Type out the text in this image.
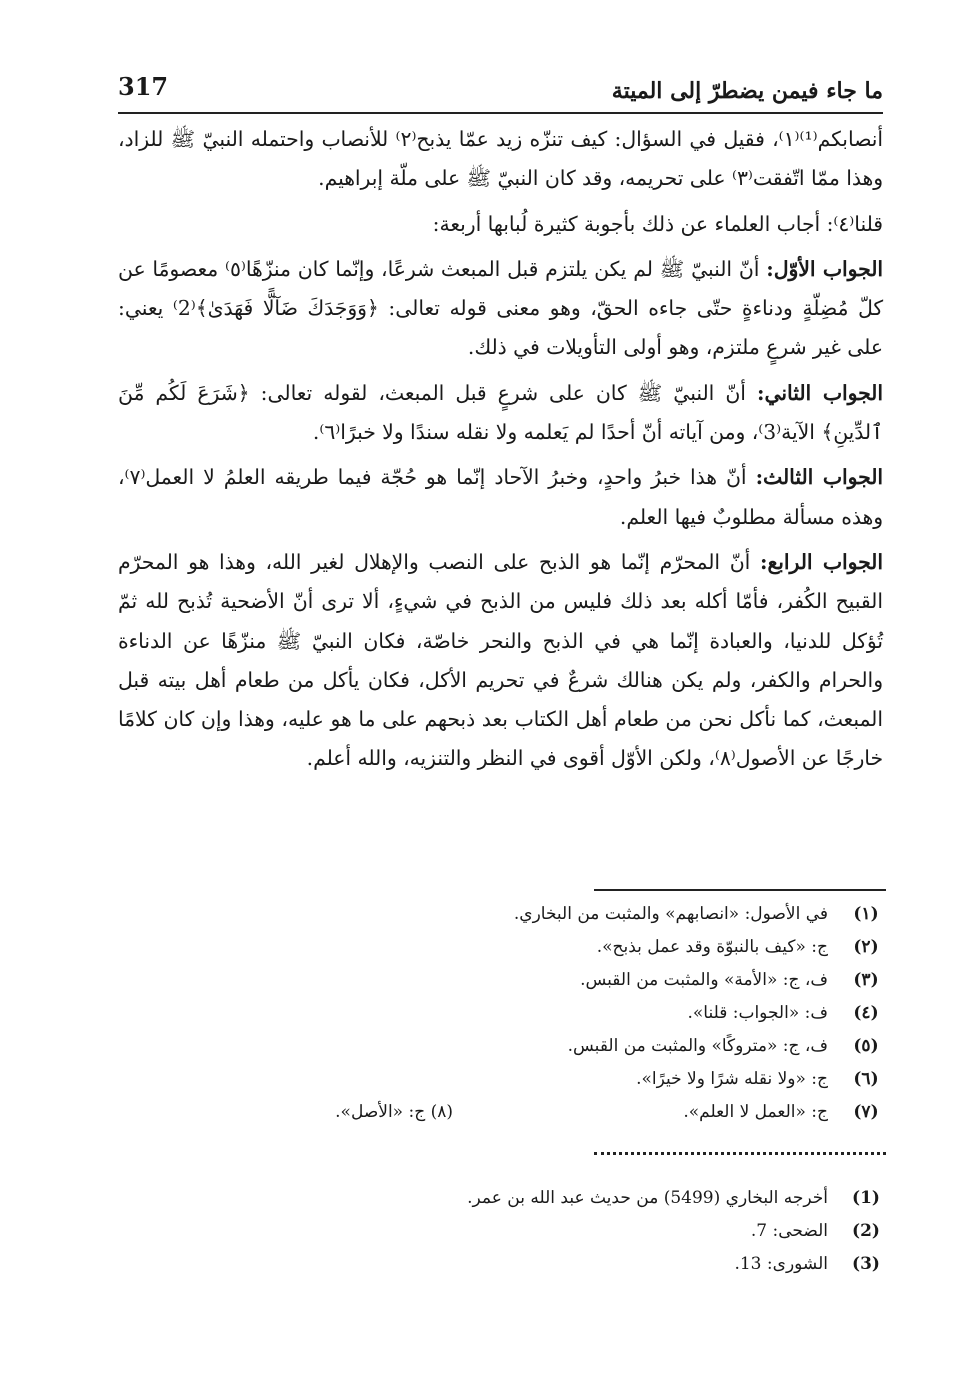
317	ما جاء فيمن يضطرّ إلى الميتة

أنصابكم⁽¹⁾⁽١⁾، فقيل في السؤال: كيف تنزّه زيد عمّا يذبح⁽٢⁾ للأنصاب واحتمله النبيّ ﷺ للزاد، وهذا ممّا اتّفقت⁽٣⁾ على تحريمه، وقد كان النبيّ ﷺ على ملّة إبراهيم.

قلنا⁽٤⁾: أجاب العلماء عن ذلك بأجوبة كثيرة لُبابها أربعة:

الجواب الأوّل: أنّ النبيّ ﷺ لم يكن يلتزم قبل المبعث شرعًا، وإنّما كان منزّهًا⁽٥⁾ معصومًا عن كلّ مُضِلّةٍ ودناءةٍ حتّى جاءه الحقّ، وهو معنى قوله تعالى: ﴿وَوَجَدَكَ ضَآلًّا فَهَدَىٰ﴾⁽2⁾ يعني: على غير شرعٍ ملتزم، وهو أولى التأويلات في ذلك.

الجواب الثاني: أنّ النبيّ ﷺ كان على شرعٍ قبل المبعث، لقوله تعالى: ﴿شَرَعَ لَكُم مِّنَ ٱلدِّينِ﴾ الآية⁽3⁾، ومن آياته أنّ أحدًا لم يَعلمه ولا نقله سندًا ولا خبرًا⁽٦⁾.

الجواب الثالث: أنّ هذا خبرُ واحدٍ، وخبرُ الآحاد إنّما هو حُجّة فيما طريقه العلمُ لا العمل⁽٧⁾، وهذه مسألة مطلوبٌ فيها العلم.

الجواب الرابع: أنّ المحرّم إنّما هو الذبح على النصب والإهلال لغير الله، وهذا هو المحرّم القبيح الكُفر، فأمّا أكله بعد ذلك فليس من الذبح في شيءٍ، ألا ترى أنّ الأضحية تُذبح لله ثمّ تُؤكل للدنيا، والعبادة إنّما هي في الذبح والنحر خاصّة، فكان النبيّ ﷺ منزّهًا عن الدناءة والحرام والكفر، ولم يكن هنالك شرعٌ في تحريم الأكل، فكان يأكل من طعام أهل بيته قبل المبعث، كما نأكل نحن من طعام أهل الكتاب بعد ذبحهم على ما هو عليه، وهذا وإن كان كلامًا خارجًا عن الأصول⁽٨⁾، ولكن الأوّل أقوى في النظر والتنزيه، والله أعلم.

(١)
في الأصول: «انصابهم» والمثبت من البخاري.
(٢)
ج: «كيف بالنبوّة وقد عمل بذبح».
(٣)
ف، ج: «الأمة» والمثبت من القبس.
(٤)
ف: «الجواب: قلنا».
(٥)
ف، ج: «متروكًا» والمثبت من القبس.
(٦)
ج: «ولا نقله شرًا ولا خيرًا».
(٧)
ج: «العمل لا العلم».
(٨) ج: «الأصل».
(1)
أخرجه البخاري (5499) من حديث عبد الله بن عمر.
(2)
الضحى: 7.
(3)
الشورى: 13.
